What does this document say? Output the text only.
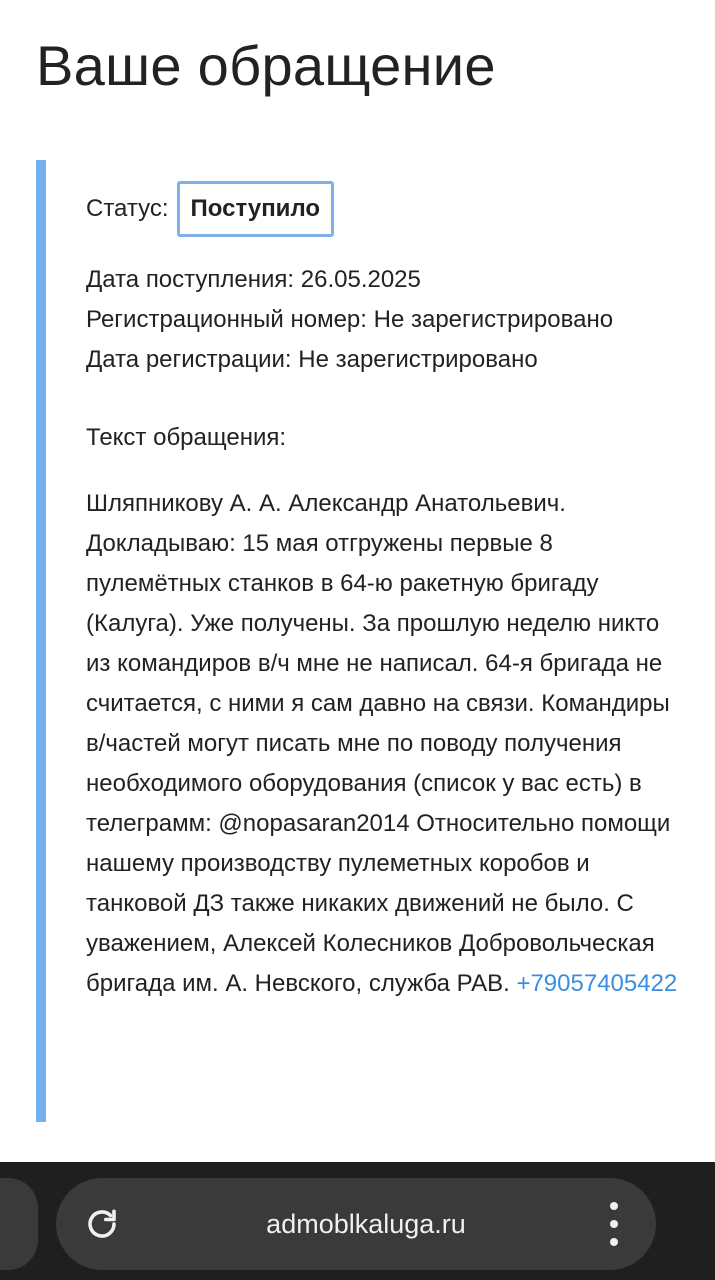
Ваше обращение
Статус: Поступило
Дата поступления: 26.05.2025
Регистрационный номер: Не зарегистрировано
Дата регистрации: Не зарегистрировано
Текст обращения:
Шляпникову А. А. Александр Анатольевич. Докладываю: 15 мая отгружены первые 8 пулемётных станков в 64-ю ракетную бригаду (Калуга). Уже получены. За прошлую неделю никто из командиров в/ч мне не написал. 64-я бригада не считается, с ними я сам давно на связи. Командиры в/частей могут писать мне по поводу получения необходимого оборудования (список у вас есть) в телеграмм: @nopasaran2014 Относительно помощи нашему производству пулеметных коробов и танковой ДЗ также никаких движений не было. С уважением, Алексей Колесников Добровольческая бригада им. А. Невского, служба РАВ. +79057405422
admoblkaluga.ru
